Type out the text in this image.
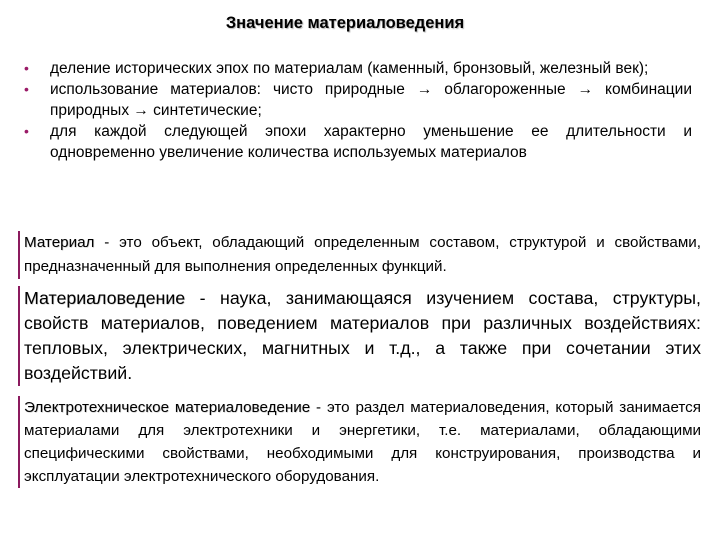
Значение материаловедения
• деление исторических эпох по материалам (каменный, бронзовый, железный век);
• использование материалов: чисто природные → облагороженные → комбинации природных → синтетические;
• для каждой следующей эпохи характерно уменьшение ее длительности и одновременно увеличение количества используемых материалов
Материал - это объект, обладающий определенным составом, структурой и свойствами, предназначенный для выполнения определенных функций.
Материаловедение - наука, занимающаяся изучением состава, структуры, свойств материалов, поведением материалов при различных воздействиях: тепловых, электрических, магнитных и т.д., а также при сочетании этих воздействий.
Электротехническое материаловедение - это раздел материаловедения, который занимается материалами для электротехники и энергетики, т.е. материалами, обладающими специфическими свойствами, необходимыми для конструирования, производства и эксплуатации электротехнического оборудования.
